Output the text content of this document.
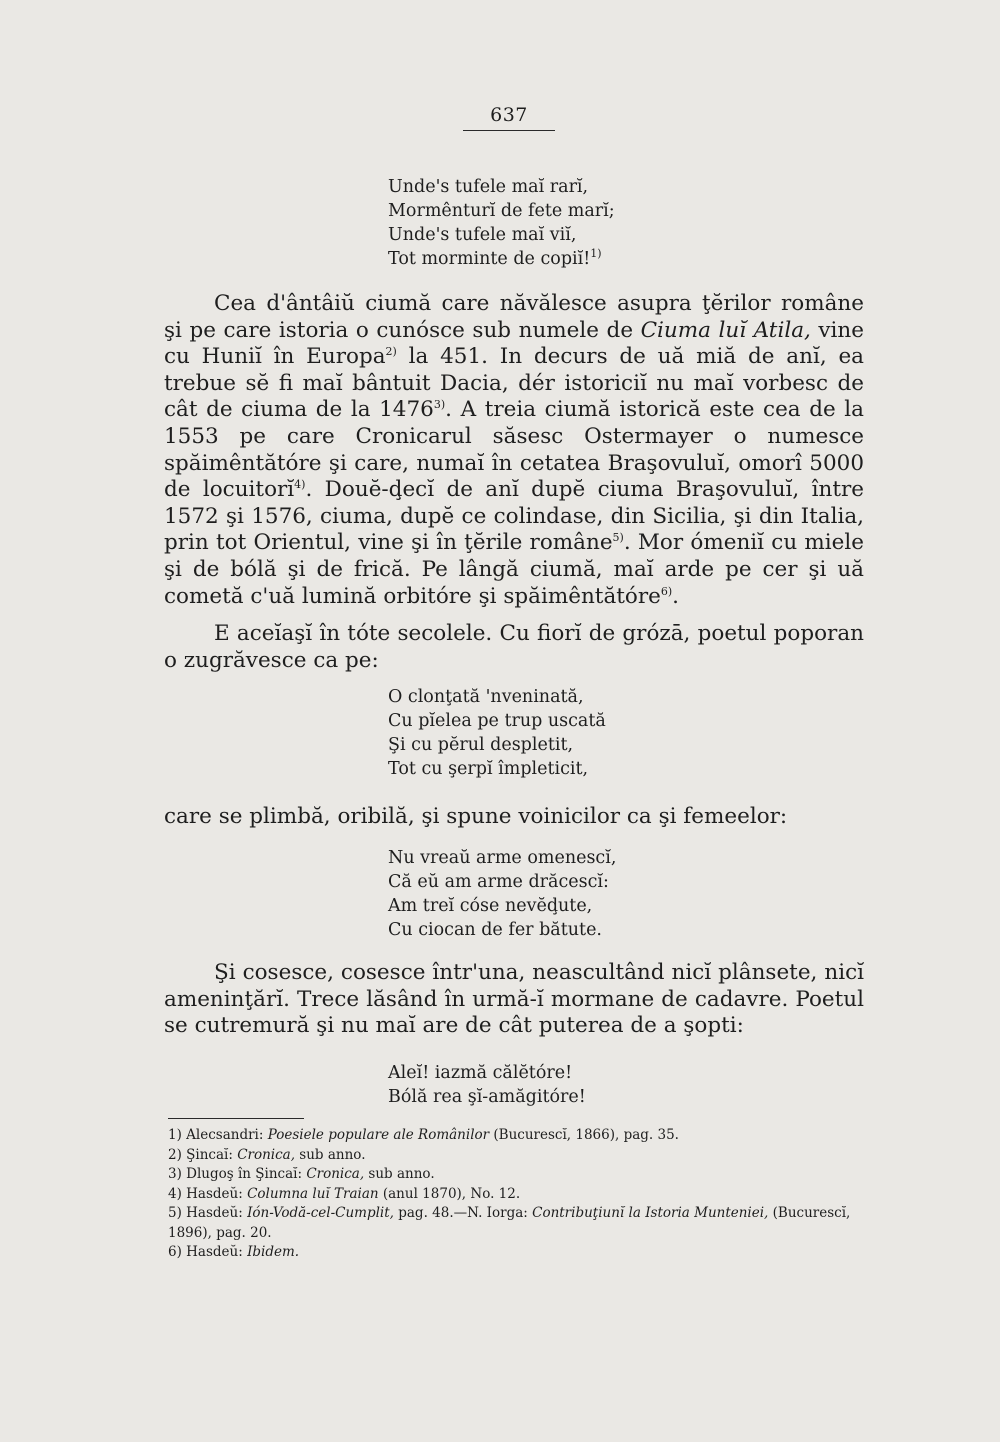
637
Unde's tufele maĭ rarĭ,
Mormênturĭ de fete marĭ;
Unde's tufele maĭ viĭ,
Tot morminte de copiĭ!$^{1)}$
Cea d'ântâiŭ ciumă care năvălesce asupra ţĕrilor române şi pe care istoria o cunósce sub numele de Ciuma luĭ Atila, vine cu Huniĭ în Europa$^{2)}$ la 451. In decurs de uă miă de anĭ, ea trebue sĕ fi maĭ bântuit Dacia, dér istoriciĭ nu maĭ vorbesc de cât de ciuma de la 1476$^{3)}$. A treia ciumă istorică este cea de la 1553 pe care Cronicarul săsesc Ostermayer o numesce spăimêntătóre şi care, numaĭ în cetatea Braşovuluĭ, omorî 5000 de locuitorĭ$^{4)}$. Douĕ-ḑecĭ de anĭ dupĕ ciuma Braşovuluĭ, între 1572 şi 1576, ciuma, dupĕ ce colindase, din Sicilia, şi din Italia, prin tot Orientul, vine şi în ţĕrile române$^{5)}$. Mor ómeniĭ cu miele şi de bólă şi de frică. Pe lângă ciumă, maĭ arde pe cer şi uă cometă c'uă lumină orbitóre şi spăimêntătóre$^{6)}$.
E aceĭaşĭ în tóte secolele. Cu fiorĭ de grózā, poetul poporan o zugrăvesce ca pe:
O clonţată 'nveninată,
Cu pĭelea pe trup uscată
Şi cu pĕrul despletit,
Tot cu şerpĭ împleticit,
care se plimbă, oribilă, şi spune voinicilor ca şi femeelor:
Nu vreaŭ arme omenescĭ,
Că eŭ am arme drăcescĭ:
Am treĭ cóse nevĕḑute,
Cu ciocan de fer bătute.
Şi cosesce, cosesce într'una, neascultând nicĭ plânsete, nicĭ ameninţărĭ. Trece lăsând în urmă-ĭ mormane de cadavre. Poetul se cutremură şi nu maĭ are de cât puterea de a şopti:
Aleĭ! iazmă călĕtóre!
Bólă rea şĭ-amăgitóre!
1) Alecsandri: Poesiele populare ale Românilor (Bucurescĭ, 1866), pag. 35.
2) Şincaĭ: Cronica, sub anno.
3) Dlugoş în Şincaĭ: Cronica, sub anno.
4) Hasdeŭ: Columna luĭ Traian (anul 1870), No. 12.
5) Hasdeŭ: Ión-Vodă-cel-Cumplit, pag. 48.—N. Iorga: Contribuţiunĭ la Istoria Munteniei, (Bucurescĭ, 1896), pag. 20.
6) Hasdeŭ: Ibidem.
